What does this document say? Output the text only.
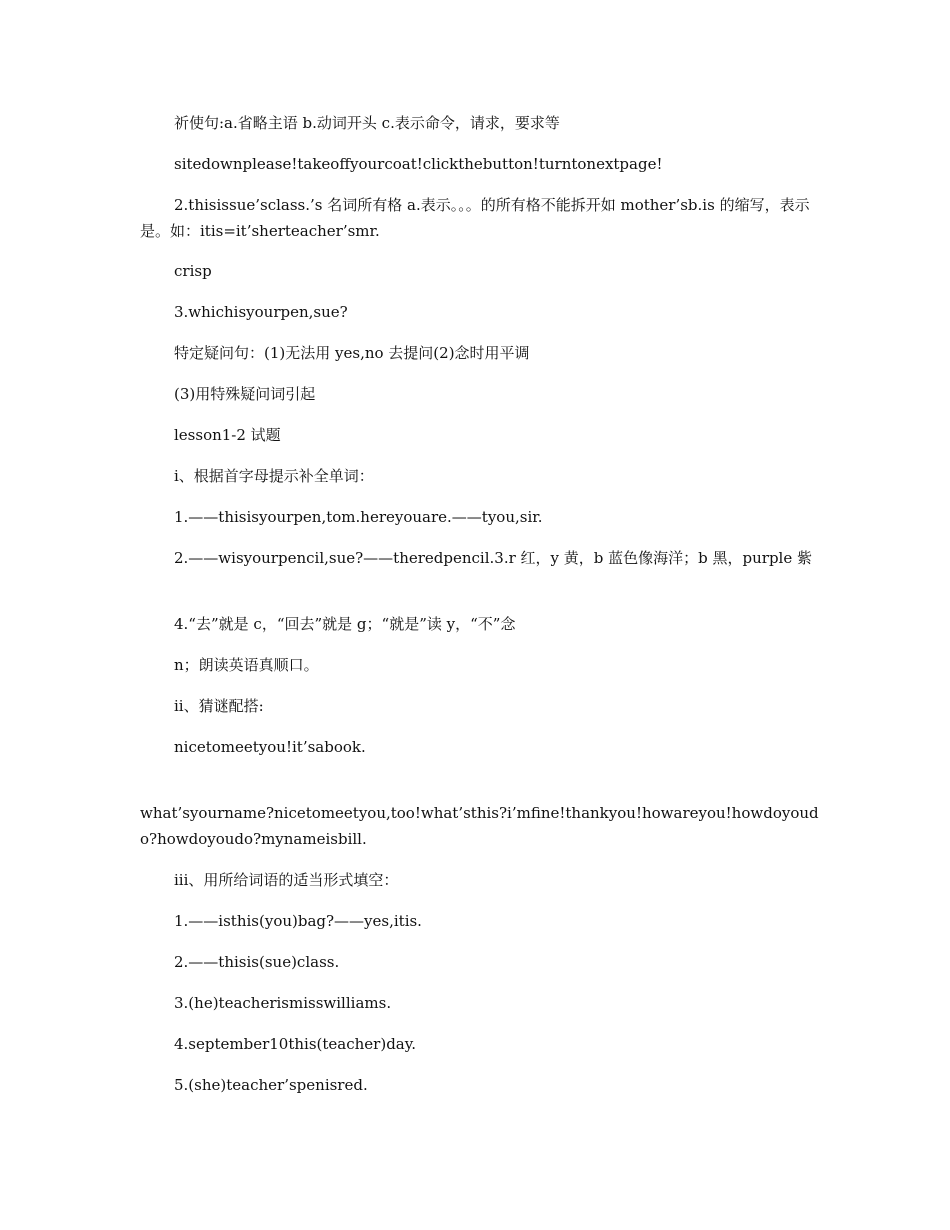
祈使句:a.省略主语 b.动词开头 c.表示命令，请求，要求等

sitedownplease!takeoffyourcoat!clickthebutton!turntonextpage!

2.thisissue’sclass.’s 名词所有格 a.表示。。。的所有格不能拆开如 mother’sb.is 的缩写，表示是。如：itis=it’sherteacher’smr.

crisp

3.whichisyourpen,sue?

特定疑问句：(1)无法用 yes,no 去提问(2)念时用平调

(3)用特殊疑问词引起

lesson1-2 试题

i、根据首字母提示补全单词：

1.——thisisyourpen,tom.hereyouare.——tyou,sir.

2.——wisyourpencil,sue?——theredpencil.3.r 红，y 黄，b 蓝色像海洋；b 黑，purple 紫

4.“去”就是 c，“回去”就是 g；“就是”读 y，“不”念

n；朗读英语真顺口。

ii、猜谜配搭:

nicetomeetyou!it’sabook.

what’syourname?nicetomeetyou,too!what’sthis?i’mfine!thankyou!howareyou!howdoyoudo?howdoyoudo?mynameisbill.

iii、用所给词语的适当形式填空：

1.——isthis(you)bag?——yes,itis.

2.——thisis(sue)class.

3.(he)teacherismisswilliams.

4.september10this(teacher)day.

5.(she)teacher’spenisred.
